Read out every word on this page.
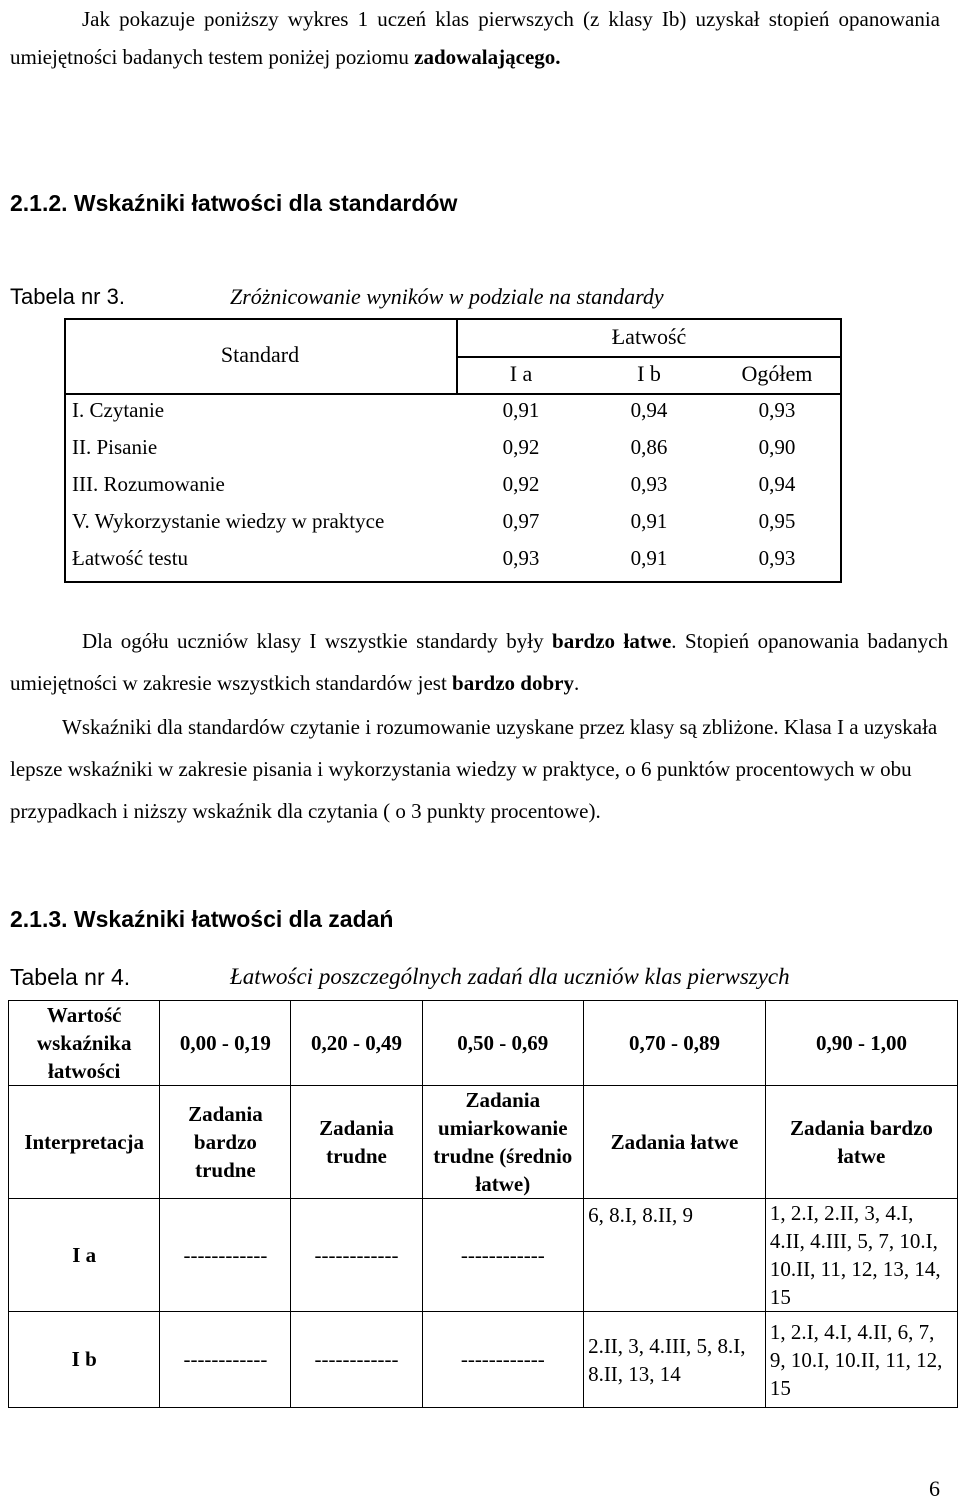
Jak pokazuje poniższy wykres 1 uczeń klas pierwszych (z klasy Ib) uzyskał stopień opanowania umiejętności badanych testem poniżej poziomu zadowalającego.
2.1.2. Wskaźniki łatwości dla standardów
Tabela nr 3.	Zróżnicowanie wyników w podziale na standardy
Standard	Łatwość		
	I a	I b	Ogółem
I. Czytanie	0,91	0,94	0,93
II. Pisanie	0,92	0,86	0,90
III. Rozumowanie	0,92	0,93	0,94
V. Wykorzystanie wiedzy w praktyce	0,97	0,91	0,95
Łatwość testu	0,93	0,91	0,93
Dla ogółu uczniów klasy I wszystkie standardy były bardzo łatwe. Stopień opanowania badanych umiejętności w zakresie wszystkich standardów jest bardzo dobry.
Wskaźniki dla standardów czytanie i rozumowanie uzyskane przez klasy są zbliżone. Klasa I a uzyskała lepsze wskaźniki w zakresie pisania i wykorzystania wiedzy w praktyce, o 6 punktów procentowych w obu przypadkach i niższy wskaźnik dla czytania ( o 3 punkty procentowe).
2.1.3. Wskaźniki łatwości dla zadań
Tabela nr 4.	Łatwości poszczególnych zadań dla uczniów klas pierwszych
Wartość wskaźnika łatwości	0,00 - 0,19	0,20 - 0,49	0,50 - 0,69	0,70 - 0,89	0,90 - 1,00
Interpretacja	Zadania bardzo trudne	Zadania trudne	Zadania umiarkowanie trudne (średnio łatwe)	Zadania łatwe	Zadania bardzo łatwe
I a	------------	------------	------------	6, 8.I, 8.II, 9	1, 2.I, 2.II, 3, 4.I, 4.II, 4.III, 5, 7, 10.I, 10.II, 11, 12, 13, 14, 15
I b	------------	------------	------------	2.II, 3, 4.III, 5, 8.I, 8.II, 13, 14	1, 2.I, 4.I, 4.II, 6, 7, 9, 10.I, 10.II, 11, 12, 15
6
